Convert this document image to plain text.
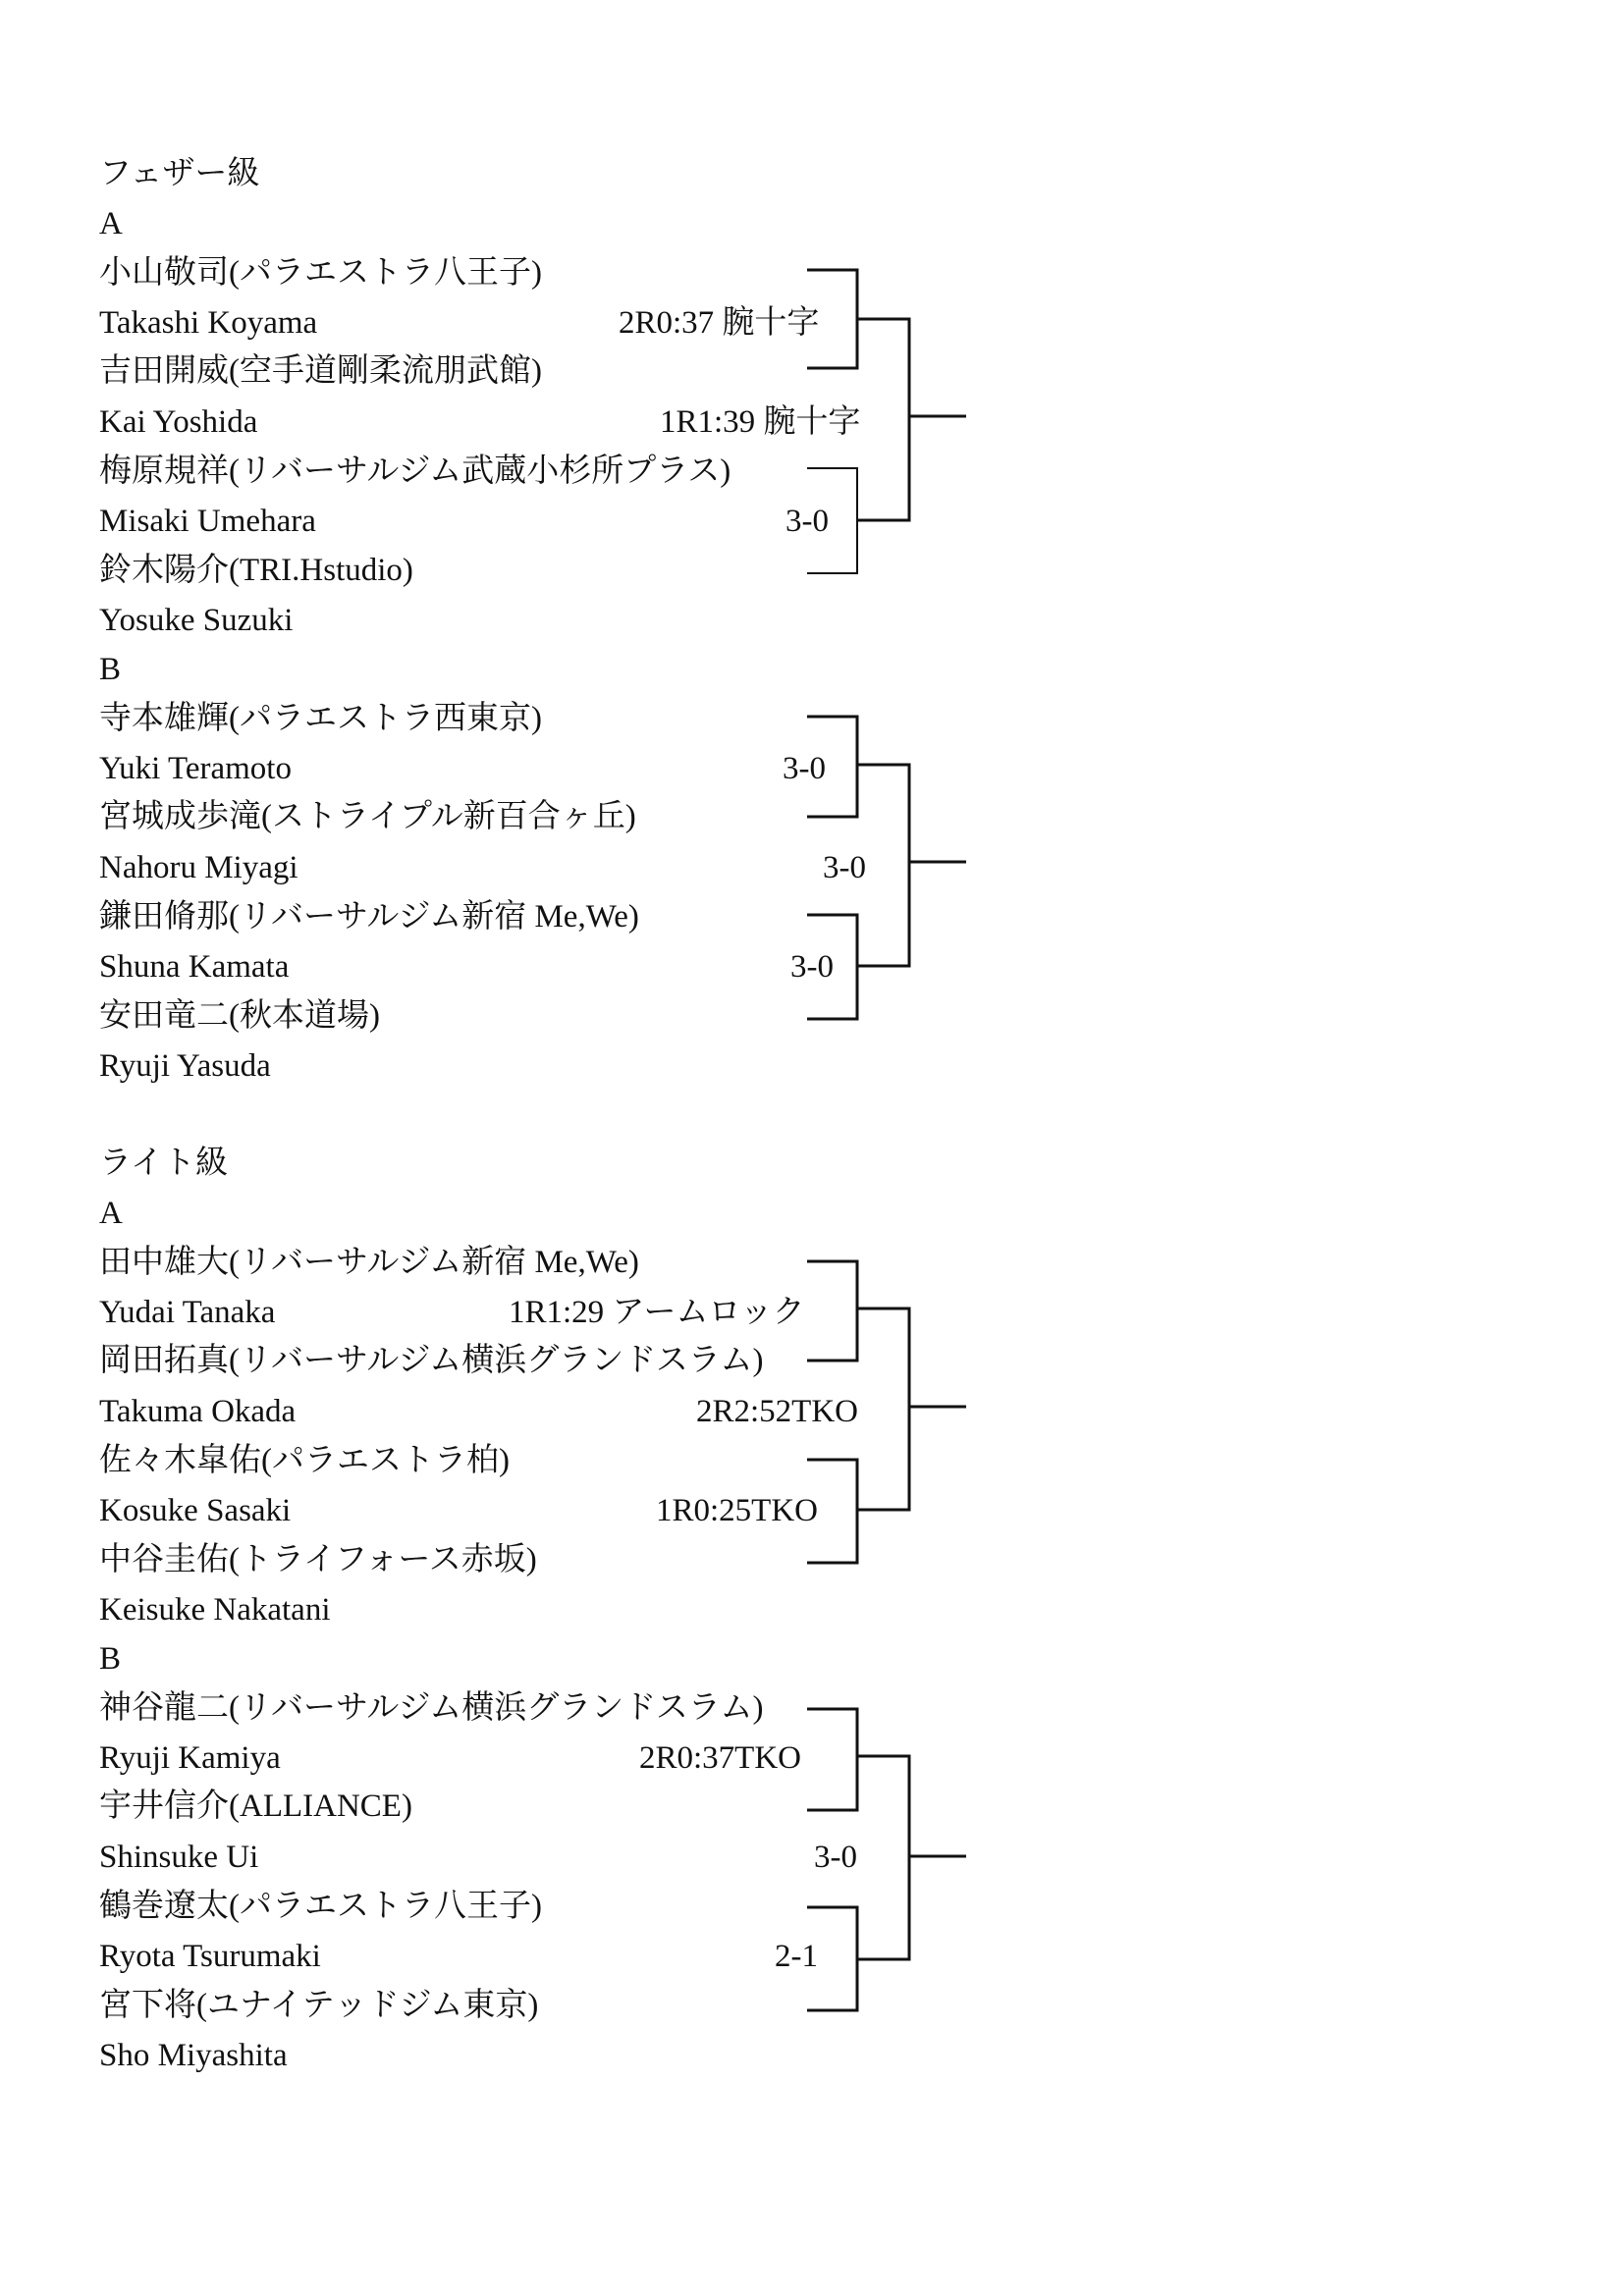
フェザー級
A
小山敬司(パラエストラ八王子)
Takashi Koyama
吉田開威(空手道剛柔流朋武館)
Kai Yoshida
梅原規祥(リバーサルジム武蔵小杉所プラス)
Misaki Umehara
鈴木陽介(TRI.Hstudio)
Yosuke Suzuki
2R0:37 腕十字
1R1:39 腕十字
3-0
B
寺本雄輝(パラエストラ西東京)
Yuki Teramoto
宮城成歩滝(ストライプル新百合ヶ丘)
Nahoru Miyagi
鎌田脩那(リバーサルジム新宿 Me,We)
Shuna Kamata
安田竜二(秋本道場)
Ryuji Yasuda
3-0
3-0
3-0
ライト級
A
田中雄大(リバーサルジム新宿 Me,We)
Yudai Tanaka
岡田拓真(リバーサルジム横浜グランドスラム)
Takuma Okada
佐々木皐佑(パラエストラ柏)
Kosuke Sasaki
中谷圭佑(トライフォース赤坂)
Keisuke Nakatani
1R1:29 アームロック
2R2:52TKO
1R0:25TKO
B
神谷龍二(リバーサルジム横浜グランドスラム)
Ryuji Kamiya
宇井信介(ALLIANCE)
Shinsuke Ui
鶴巻遼太(パラエストラ八王子)
Ryota Tsurumaki
宮下将(ユナイテッドジム東京)
Sho Miyashita
2R0:37TKO
3-0
2-1
